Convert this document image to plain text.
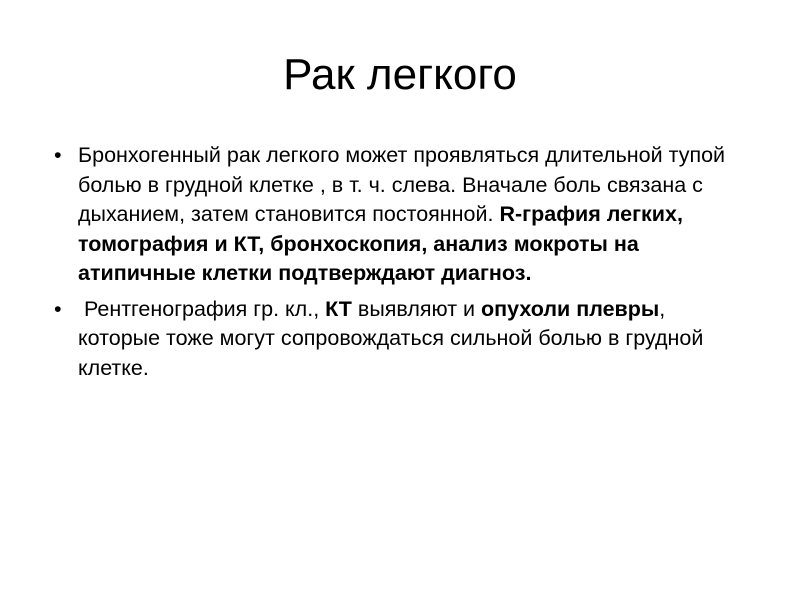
Рак легкого
• Бронхогенный рак легкого может проявляться длительной тупой болью в грудной клетке , в т. ч. слева. Вначале боль связана с дыханием, затем становится постоянной. R-графия легких, томография и КТ, бронхоскопия, анализ мокроты на атипичные клетки подтверждают диагноз.
• Рентгенография гр. кл., КТ выявляют и опухоли плевры, которые тоже могут сопровождаться сильной болью в грудной клетке.
